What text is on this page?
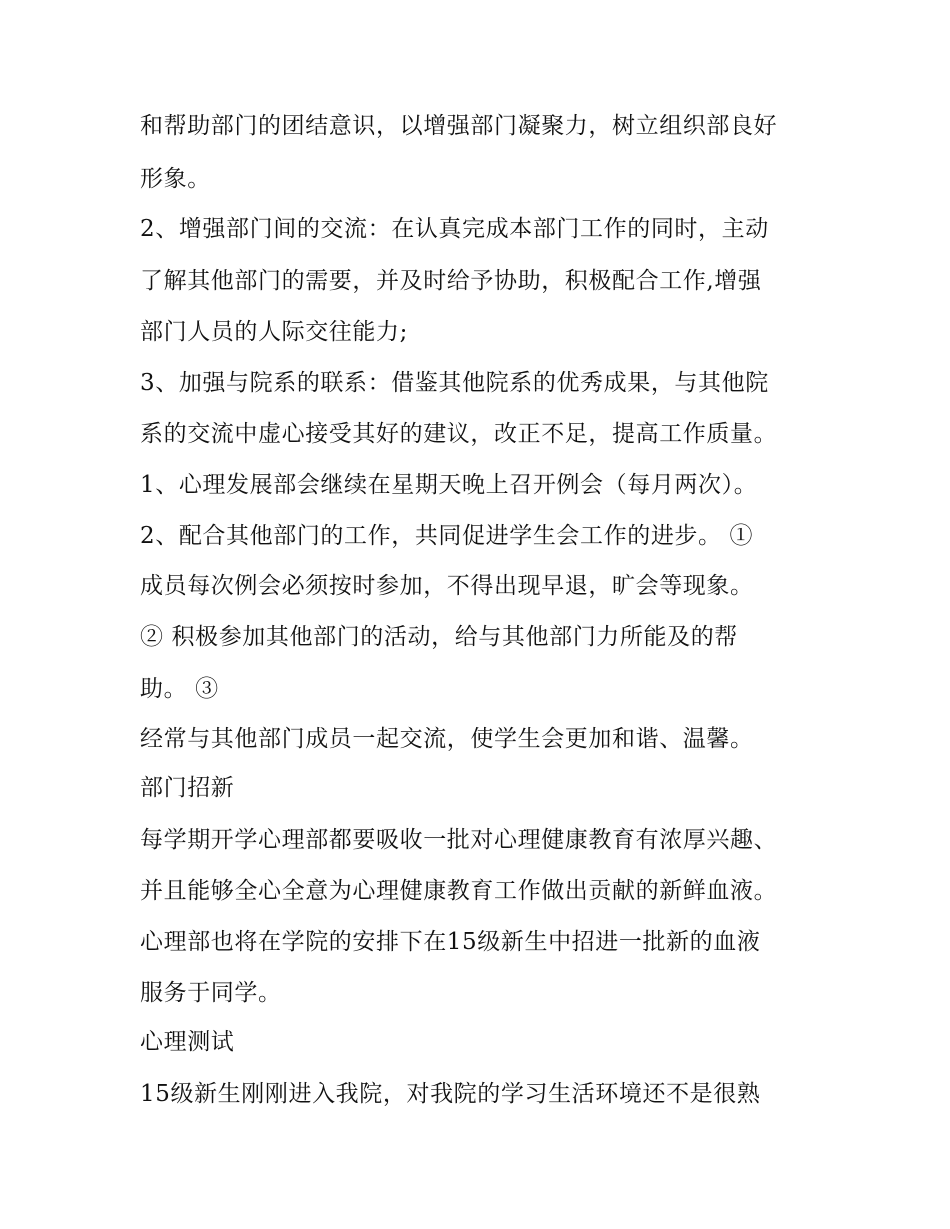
和帮助部门的团结意识，以增强部门凝聚力，树立组织部良好
形象。
2、增强部门间的交流：在认真完成本部门工作的同时，主动
了解其他部门的需要，并及时给予协助，积极配合工作,增强
部门人员的人际交往能力;
3、加强与院系的联系：借鉴其他院系的优秀成果，与其他院
系的交流中虚心接受其好的建议，改正不足，提高工作质量。
1、心理发展部会继续在星期天晚上召开例会（每月两次）。
2、配合其他部门的工作，共同促进学生会工作的进步。 ①
成员每次例会必须按时参加，不得出现早退，旷会等现象。
② 积极参加其他部门的活动，给与其他部门力所能及的帮
助。 ③
经常与其他部门成员一起交流，使学生会更加和谐、温馨。
部门招新
每学期开学心理部都要吸收一批对心理健康教育有浓厚兴趣、
并且能够全心全意为心理健康教育工作做出贡献的新鲜血液。
心理部也将在学院的安排下在15级新生中招进一批新的血液
服务于同学。
心理测试
15级新生刚刚进入我院，对我院的学习生活环境还不是很熟
